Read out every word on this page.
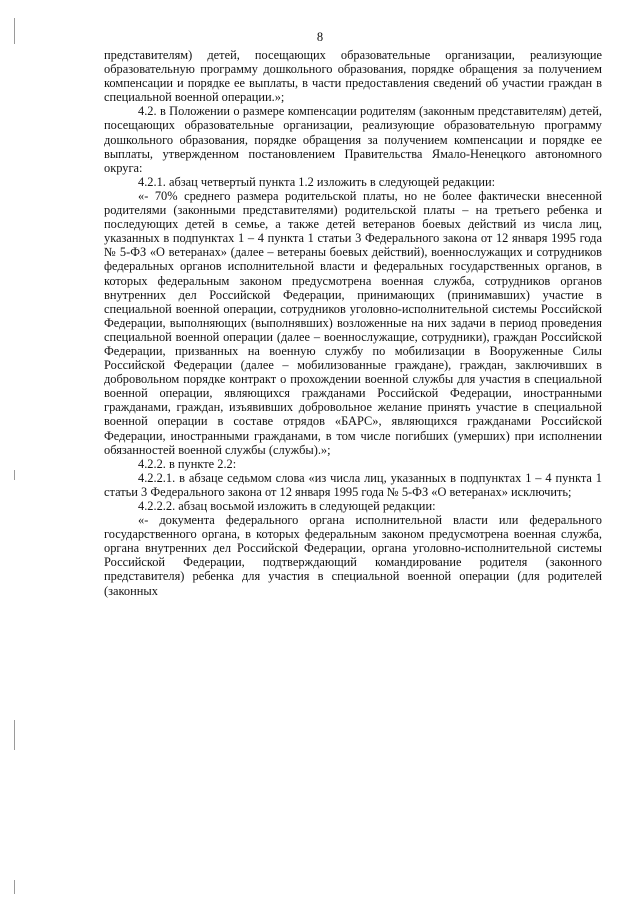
8

представителям) детей, посещающих образовательные организации, реализующие образовательную программу дошкольного образования, порядке обращения за получением компенсации и порядке ее выплаты, в части предоставления сведений об участии граждан в специальной военной операции.»;

4.2. в Положении о размере компенсации родителям (законным представителям) детей, посещающих образовательные организации, реализующие образовательную программу дошкольного образования, порядке обращения за получением компенсации и порядке ее выплаты, утвержденном постановлением Правительства Ямало-Ненецкого автономного округа:

4.2.1. абзац четвертый пункта 1.2 изложить в следующей редакции:

«- 70% среднего размера родительской платы, но не более фактически внесенной родителями (законными представителями) родительской платы – на третьего ребенка и последующих детей в семье, а также детей ветеранов боевых действий из числа лиц, указанных в подпунктах 1 – 4 пункта 1 статьи 3 Федерального закона от 12 января 1995 года № 5-ФЗ «О ветеранах» (далее – ветераны боевых действий), военнослужащих и сотрудников федеральных органов исполнительной власти и федеральных государственных органов, в которых федеральным законом предусмотрена военная служба, сотрудников органов внутренних дел Российской Федерации, принимающих (принимавших) участие в специальной военной операции, сотрудников уголовно-исполнительной системы Российской Федерации, выполняющих (выполнявших) возложенные на них задачи в период проведения специальной военной операции (далее – военнослужащие, сотрудники), граждан Российской Федерации, призванных на военную службу по мобилизации в Вооруженные Силы Российской Федерации (далее – мобилизованные граждане), граждан, заключивших в добровольном порядке контракт о прохождении военной службы для участия в специальной военной операции, являющихся гражданами Российской Федерации, иностранными гражданами, граждан, изъявивших добровольное желание принять участие в специальной военной операции в составе отрядов «БАРС», являющихся гражданами Российской Федерации, иностранными гражданами, в том числе погибших (умерших) при исполнении обязанностей военной службы (службы).»;

4.2.2. в пункте 2.2:

4.2.2.1. в абзаце седьмом слова «из числа лиц, указанных в подпунктах 1 – 4 пункта 1 статьи 3 Федерального закона от 12 января 1995 года № 5-ФЗ «О ветеранах» исключить;

4.2.2.2. абзац восьмой изложить в следующей редакции:

«- документа федерального органа исполнительной власти или федерального государственного органа, в которых федеральным законом предусмотрена военная служба, органа внутренних дел Российской Федерации, органа уголовно-исполнительной системы Российской Федерации, подтверждающий командирование родителя (законного представителя) ребенка для участия в специальной военной операции (для родителей (законных
